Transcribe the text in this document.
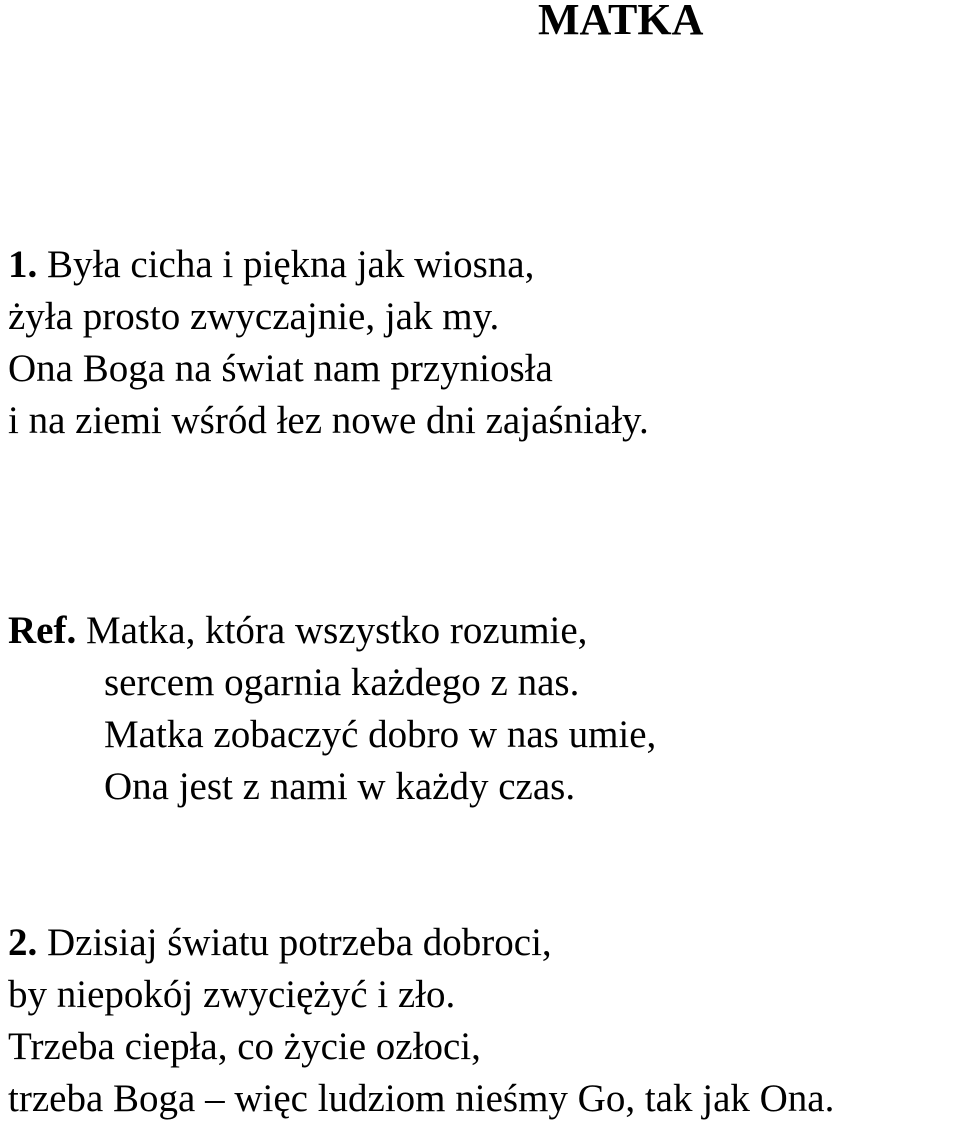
MATKA
1. Była cicha i piękna jak wiosna,
żyła prosto zwyczajnie, jak my.
Ona Boga na świat nam przyniosła
i na ziemi wśród łez nowe dni zajaśniały.
Ref. Matka, która wszystko rozumie,
sercem ogarnia każdego z nas.
Matka zobaczyć dobro w nas umie,
Ona jest z nami w każdy czas.
2. Dzisiaj światu potrzeba dobroci,
by niepokój zwyciężyć i zło.
Trzeba ciepła, co życie ozłoci,
trzeba Boga – więc ludziom nieśmy Go, tak jak Ona.
